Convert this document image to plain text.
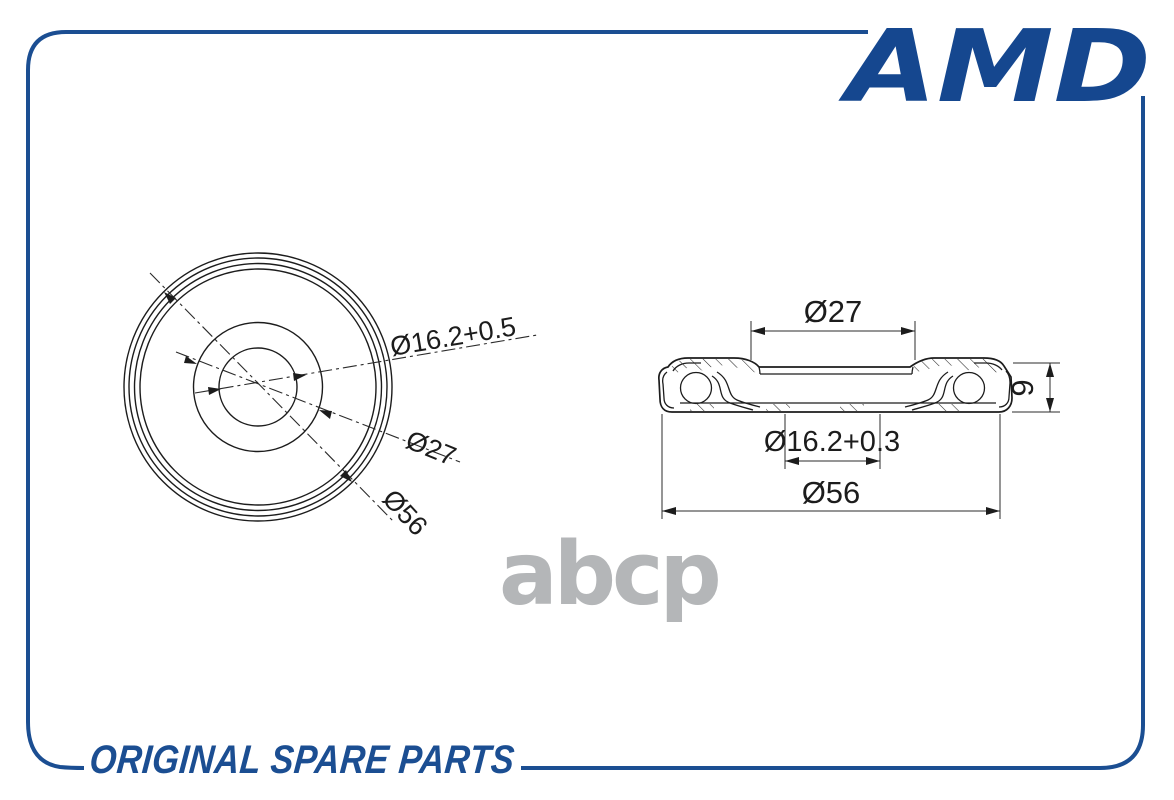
AMD
Ø16.2+0.5
Ø27
Ø56
Ø27
Ø16.2+0.3
Ø56
9
abcp
ORIGINAL SPARE PARTS
